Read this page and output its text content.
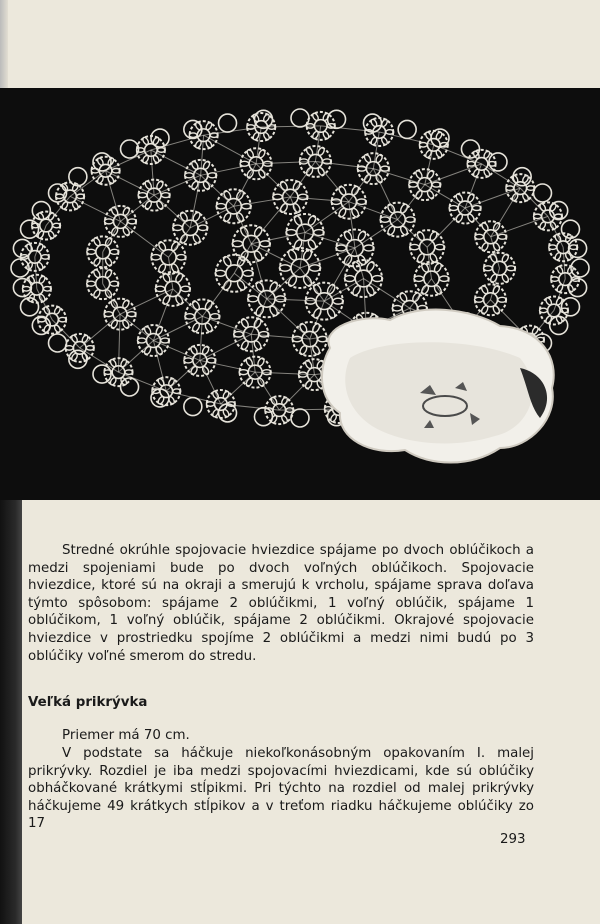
Stredné okrúhle spojovacie hviezdice spájame po dvoch oblúčikoch a medzi spojeniami bude po dvoch voľných oblúčikoch. Spojovacie hviezdice, ktoré sú na okraji a smerujú k vrcholu, spájame sprava doľava týmto spôsobom: spájame 2 oblúčikmi, 1 voľný oblúčik, spájame 1 oblúčikom, 1 voľný oblúčik, spájame 2 oblúčikmi. Okrajové spojovacie hviezdice v prostriedku spojíme 2 oblúčikmi a medzi nimi budú po 3 oblúčiky voľné smerom do stredu.

Veľká prikrývka

Priemer má 70 cm.

V podstate sa háčkuje niekoľkonásobným opakovaním I. malej prikrývky. Rozdiel je iba medzi spojovacími hviezdicami, kde sú oblúčiky obháčkované krátkymi stĺpikmi. Pri týchto na rozdiel od malej prikrývky háčkujeme 49 krátkych stĺpikov a v treťom riadku háčkujeme oblúčiky zo 17

293
